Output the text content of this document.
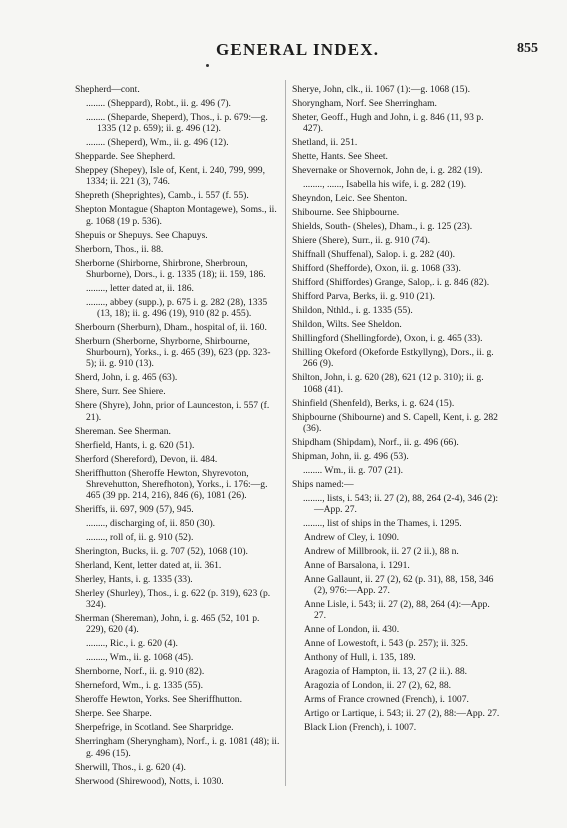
GENERAL INDEX.	855
Shepherd—cont.
........ (Sheppard), Robt., ii. g. 496 (7).
........ (Sheparde, Sheperd), Thos., i. p. 679:—g. 1335 (12 p. 659); ii. g. 496 (12).
........ (Sheperd), Wm., ii. g. 496 (12).
Shepparde. See Shepherd.
Sheppey (Shepey), Isle of, Kent, i. 240, 799, 999, 1334; ii. 221 (3), 746.
Shepreth (Sheprightes), Camb., i. 557 (f. 55).
Shepton Montague (Shapton Montagewe), Soms., ii. g. 1068 (19 p. 536).
Shepuis or Shepuys. See Chapuys.
Sherborn, Thos., ii. 88.
Sherborne (Shirborne, Shirbrone, Sherbroun, Shurborne), Dors., i. g. 1335 (18); ii. 159, 186.
........, letter dated at, ii. 186.
........, abbey (supp.), p. 675 i. g. 282 (28), 1335 (13, 18); ii. g. 496 (19), 910 (82 p. 455).
Sherbourn (Sherburn), Dham., hospital of, ii. 160.
Sherburn (Sherborne, Shyrborne, Shirbourne, Shurbourn), Yorks., i. g. 465 (39), 623 (pp. 323-5); ii. g. 910 (13).
Sherd, John, i. g. 465 (63).
Shere, Surr. See Shiere.
Shere (Shyre), John, prior of Launceston, i. 557 (f. 21).
Shereman. See Sherman.
Sherfield, Hants, i. g. 620 (51).
Sherford (Shereford), Devon, ii. 484.
Sheriffhutton (Sheroffe Hewton, Shyrevoton, Shrevehutton, Sherefhoton), Yorks., i. 176:—g. 465 (39 pp. 214, 216), 846 (6), 1081 (26).
Sheriffs, ii. 697, 909 (57), 945.
........, discharging of, ii. 850 (30).
........, roll of, ii. g. 910 (52).
Sherington, Bucks, ii. g. 707 (52), 1068 (10).
Sherland, Kent, letter dated at, ii. 361.
Sherley, Hants, i. g. 1335 (33).
Sherley (Shurley), Thos., i. g. 622 (p. 319), 623 (p. 324).
Sherman (Shereman), John, i. g. 465 (52, 101 p. 229), 620 (4).
........, Ric., i. g. 620 (4).
........, Wm., ii. g. 1068 (45).
Shernborne, Norf., ii. g. 910 (82).
Sherneford, Wm., i. g. 1335 (55).
Sheroffe Hewton, Yorks. See Sheriffhutton.
Sherpe. See Sharpe.
Sherpefrige, in Scotland. See Sharpridge.
Sherringham (Sheryngham), Norf., i. g. 1081 (48); ii. g. 496 (15).
Sherwill, Thos., i. g. 620 (4).
Sherwood (Shirewood), Notts, i. 1030.
Sherye, John, clk., ii. 1067 (1):—g. 1068 (15).
Shoryngham, Norf. See Sherringham.
Sheter, Geoff., Hugh and John, i. g. 846 (11, 93 p. 427).
Shetland, ii. 251.
Shette, Hants. See Sheet.
Shevernake or Shovernok, John de, i. g. 282 (19).
........, ......, Isabella his wife, i. g. 282 (19).
Sheyndon, Leic. See Shenton.
Shibourne. See Shipbourne.
Shields, South- (Sheles), Dham., i. g. 125 (23).
Shiere (Shere), Surr., ii. g. 910 (74).
Shiffnall (Shuffenal), Salop. i. g. 282 (40).
Shifford (Shefforde), Oxon, ii. g. 1068 (33).
Shifford (Shiffordes) Grange, Salop,. i. g. 846 (82).
Shifford Parva, Berks, ii. g. 910 (21).
Shildon, Nthld., i. g. 1335 (55).
Shildon, Wilts. See Sheldon.
Shillingford (Shellingforde), Oxon, i. g. 465 (33).
Shilling Okeford (Okeforde Estkyllyng), Dors., ii. g. 266 (9).
Shilton, John, i. g. 620 (28), 621 (12 p. 310); ii. g. 1068 (41).
Shinfield (Shenfeld), Berks, i. g. 624 (15).
Shipbourne (Shibourne) and S. Capell, Kent, i. g. 282 (36).
Shipdham (Shipdam), Norf., ii. g. 496 (66).
Shipman, John, ii. g. 496 (53).
........ Wm., ii. g. 707 (21).
Ships named:—
........, lists, i. 543; ii. 27 (2), 88, 264 (2-4), 346 (2):—App. 27.
........, list of ships in the Thames, i. 1295.
Andrew of Cley, i. 1090.
Andrew of Millbrook, ii. 27 (2 ii.), 88 n.
Anne of Barsalona, i. 1291.
Anne Gallaunt, ii. 27 (2), 62 (p. 31), 88, 158, 346 (2), 976:—App. 27.
Anne Lisle, i. 543; ii. 27 (2), 88, 264 (4):—App. 27.
Anne of London, ii. 430.
Anne of Lowestoft, i. 543 (p. 257); ii. 325.
Anthony of Hull, i. 135, 189.
Aragozia of Hampton, ii. 13, 27 (2 ii.). 88.
Aragozia of London, ii. 27 (2), 62, 88.
Arms of France crowned (French), i. 1007.
Artigo or Lartique, i. 543; ii. 27 (2), 88:—App. 27.
Black Lion (French), i. 1007.
